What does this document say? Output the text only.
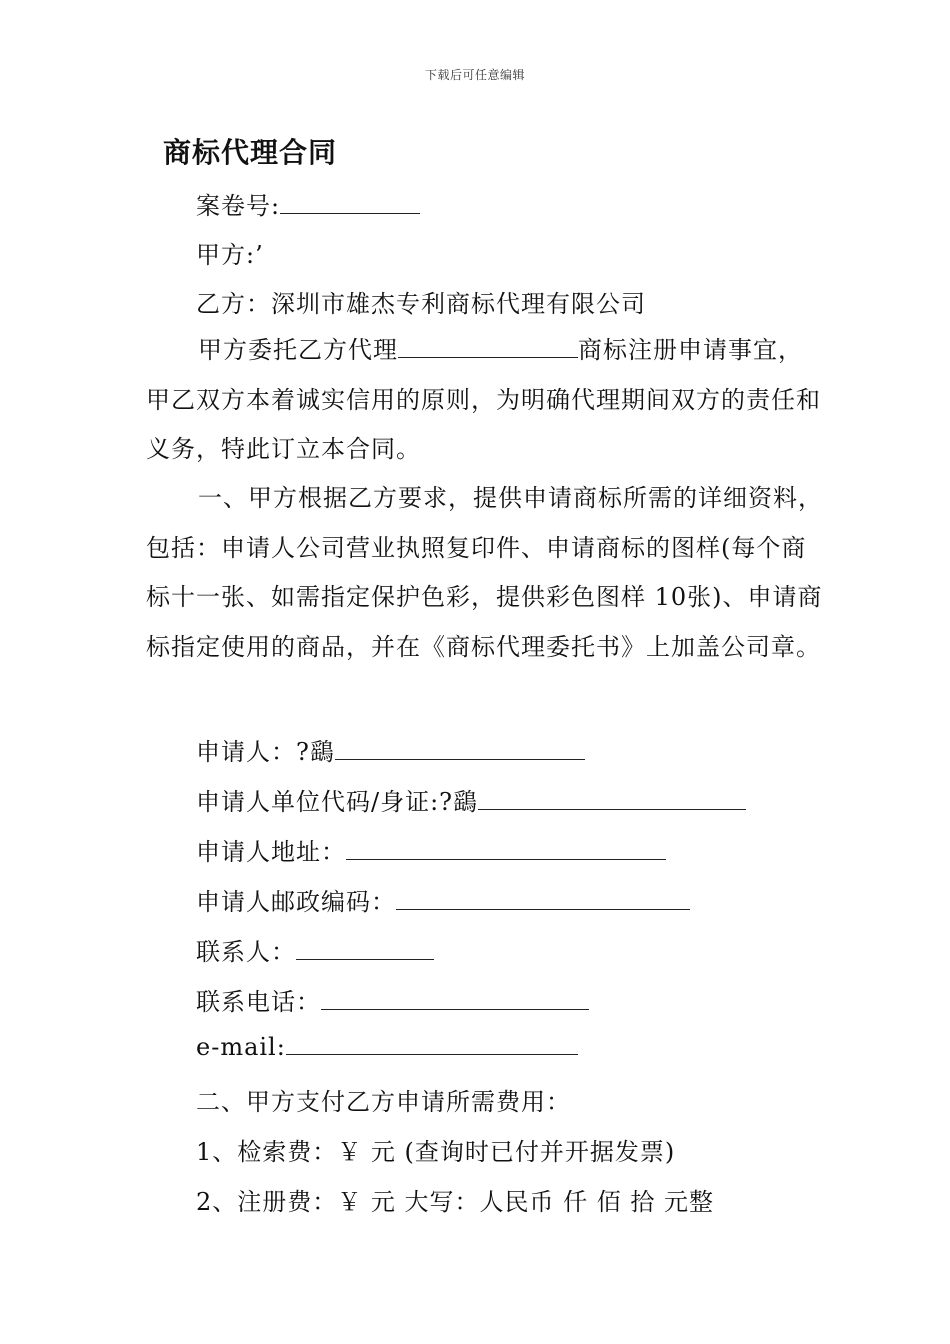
下载后可任意编辑
商标代理合同
案卷号:
甲方:’
乙方：深圳市雄杰专利商标代理有限公司
甲方委托乙方代理	商标注册申请事宜，甲乙双方本着诚实信用的原则，为明确代理期间双方的责任和义务，特此订立本合同。
一、甲方根据乙方要求，提供申请商标所需的详细资料，包括：申请人公司营业执照复印件、申请商标的图样(每个商标十一张、如需指定保护色彩，提供彩色图样 10张)、申请商标指定使用的商品，并在《商标代理委托书》上加盖公司章。
申请人：?鷂
申请人单位代码/身证:?鷂
申请人地址：
申请人邮政编码：
联系人：
联系电话：
e-mail:
二、甲方支付乙方申请所需费用：
1、检索费：￥ 元 (查询时已付并开据发票)
2、注册费：￥ 元 大写：人民币 仟 佰 拾 元整
